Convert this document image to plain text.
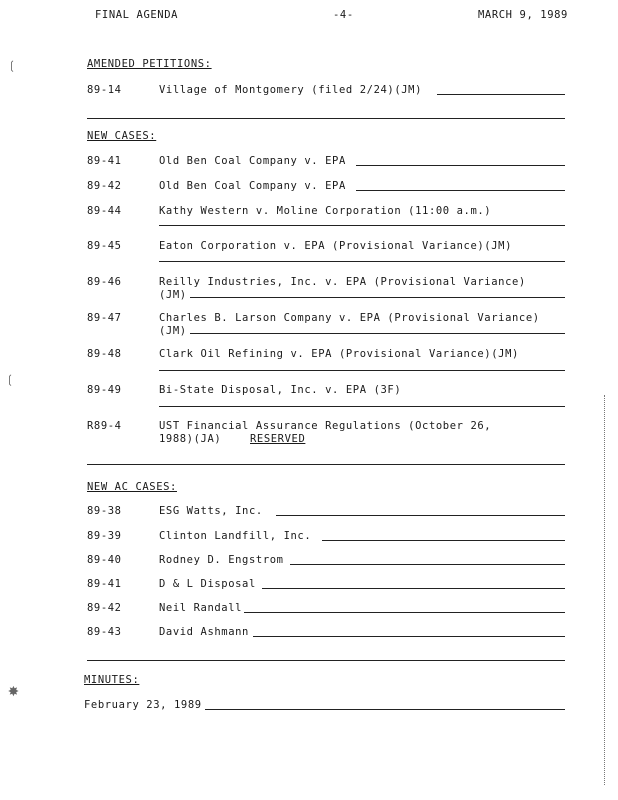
FINAL AGENDA	-4-	MARCH 9, 1989
AMENDED PETITIONS:
89-14	Village of Montgomery (filed 2/24)(JM)
NEW CASES:
89-41	Old Ben Coal Company v. EPA
89-42	Old Ben Coal Company v. EPA
89-44	Kathy Western v. Moline Corporation (11:00 a.m.)
89-45	Eaton Corporation v. EPA (Provisional Variance)(JM)
89-46	Reilly Industries, Inc. v. EPA (Provisional Variance)
(JM)
89-47	Charles B. Larson Company v. EPA (Provisional Variance)
(JM)
89-48	Clark Oil Refining v. EPA (Provisional Variance)(JM)
89-49	Bi-State Disposal, Inc. v. EPA (3F)
R89-4	UST Financial Assurance Regulations (October 26,
1988)(JA)	RESERVED
NEW AC CASES:
89-38	ESG Watts, Inc.
89-39	Clinton Landfill, Inc.
89-40	Rodney D. Engstrom
89-41	D & L Disposal
89-42	Neil Randall
89-43	David Ashmann
MINUTES:
February 23, 1989
❲
❲
✸
